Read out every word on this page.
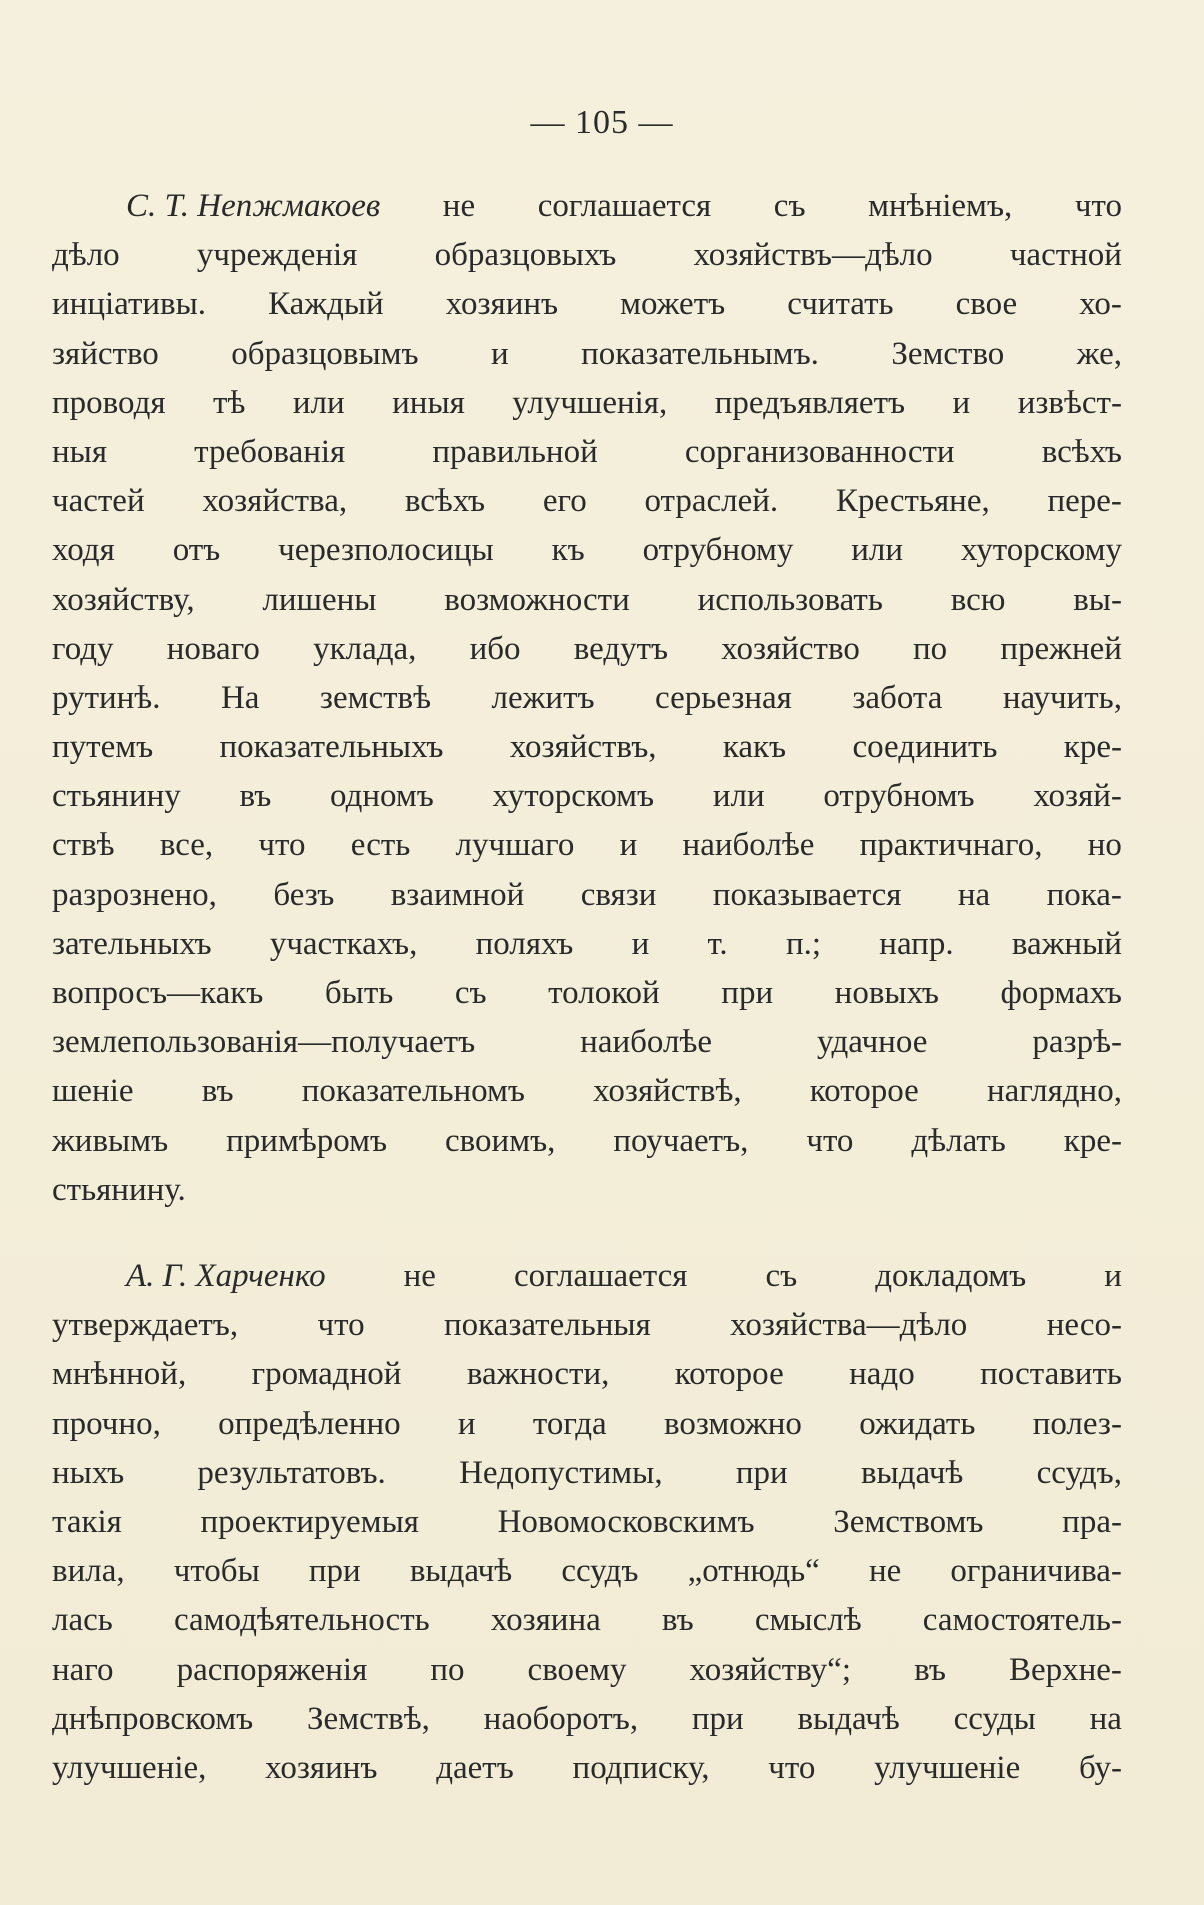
— 105 —
С. Т. Непжмакоев не соглашается съ мнѣніемъ, что
дѣло учрежденія образцовыхъ хозяйствъ—дѣло частной
инціативы. Каждый хозяинъ можетъ считать свое хо-
зяйство образцовымъ и показательнымъ. Земство же,
проводя тѣ или иныя улучшенія, предъявляетъ и извѣст-
ныя	требованія	правильной	сорганизованности	всѣхъ
частей хозяйства, всѣхъ его отраслей. Крестьяне, пере-
ходя отъ черезполосицы къ отрубному или хуторскому
хозяйству, лишены возможности использовать всю вы-
году новаго уклада, ибо ведутъ хозяйство по прежней
рутинѣ. На земствѣ лежитъ серьезная забота научить,
путемъ показательныхъ хозяйствъ, какъ соединить кре-
стьянину въ одномъ хуторскомъ или отрубномъ хозяй-
ствѣ все, что есть лучшаго и наиболѣе практичнаго, но
разрознено, безъ взаимной связи показывается на пока-
зательныхъ участкахъ, поляхъ и т. п.; напр. важный
вопросъ—какъ быть съ толокой при новыхъ формахъ
землепользованія—получаетъ	наиболѣе	удачное	разрѣ-
шеніе въ показательномъ хозяйствѣ, которое наглядно,
живымъ примѣромъ своимъ, поучаетъ, что дѣлать кре-
стьянину.
А. Г. Харченко не соглашается съ докладомъ и
утверждаетъ, что показательныя хозяйства—дѣло несо-
мнѣнной, громадной важности, которое надо поставить
прочно, опредѣленно и тогда возможно ожидать полез-
ныхъ результатовъ. Недопустимы, при выдачѣ ссудъ,
такія проектируемыя Новомосковскимъ Земствомъ пра-
вила, чтобы при выдачѣ ссудъ „отнюдь“ не ограничива-
лась самодѣятельность хозяина въ смыслѣ самостоятель-
наго распоряженія по своему хозяйству“; въ Верхне-
днѣпровскомъ Земствѣ, наоборотъ, при выдачѣ ссуды на
улучшеніе, хозяинъ даетъ подписку, что улучшеніе бу-
